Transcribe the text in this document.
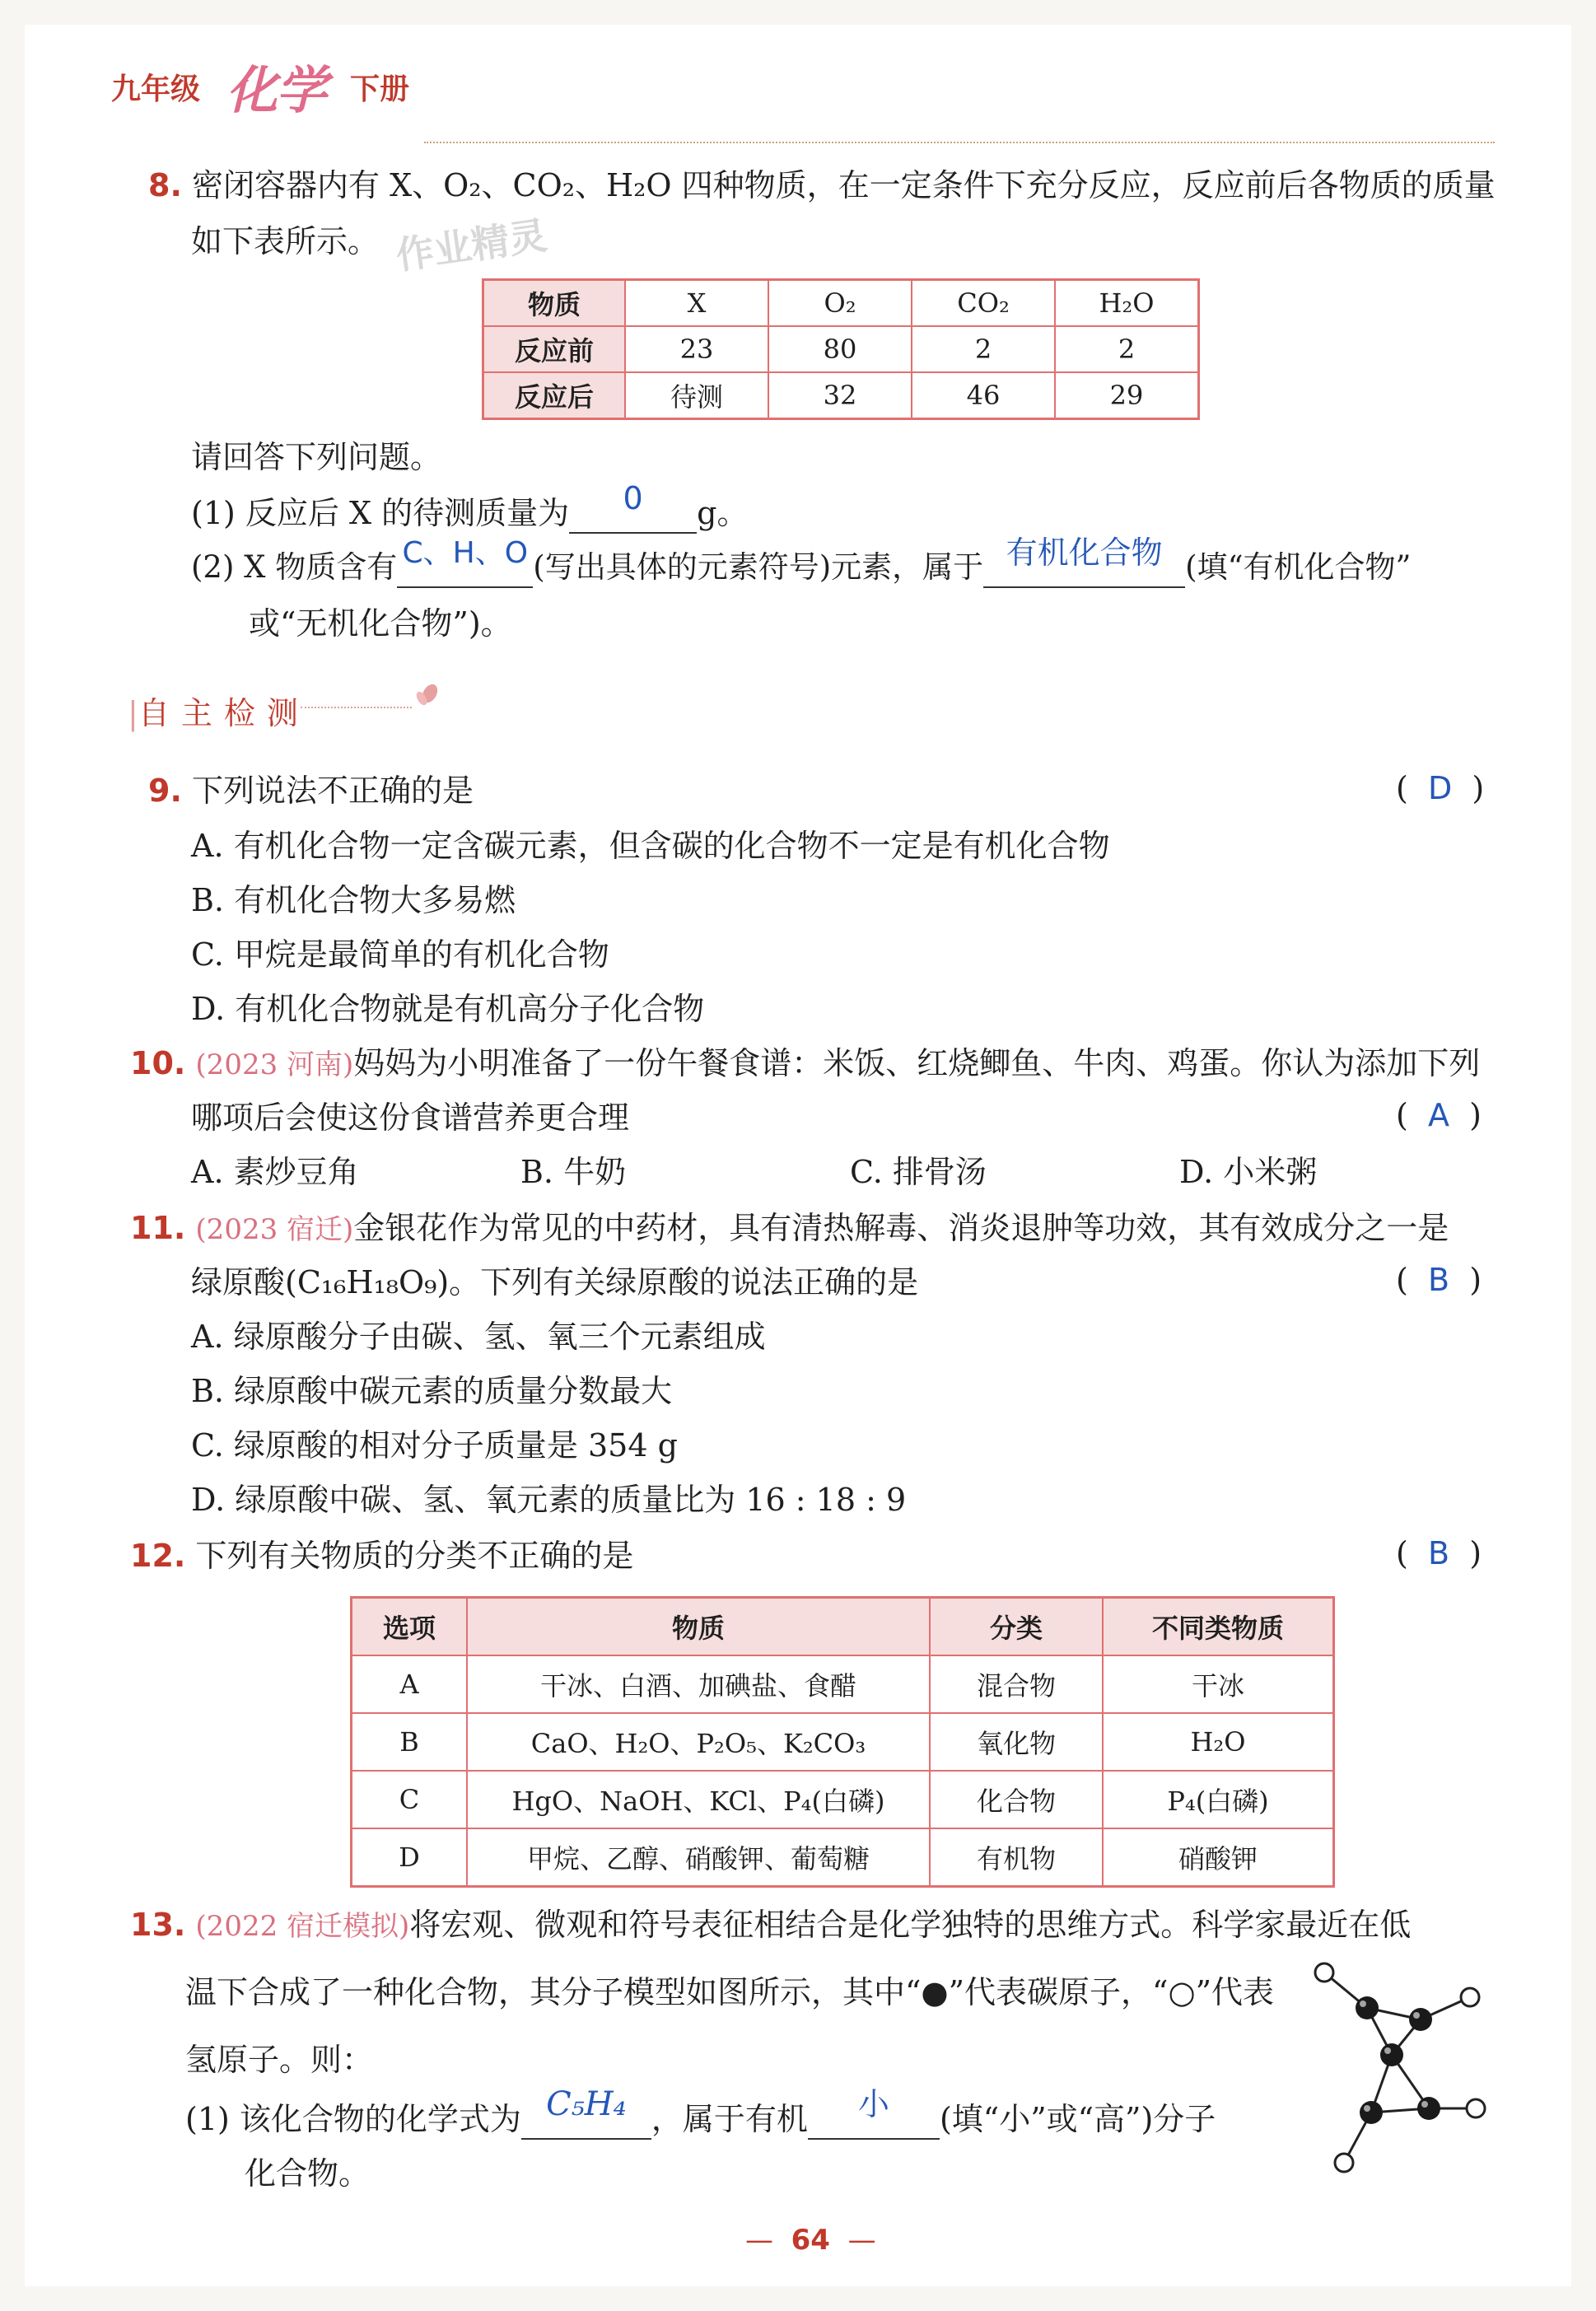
九年级 化学 下册
8. 密闭容器内有 X、O₂、CO₂、H₂O 四种物质，在一定条件下充分反应，反应前后各物质的质量
如下表所示。 作业精灵
物质	X	O₂	CO₂	H₂O
反应前	23	80	2	2
反应后	待测	32	46	29
请回答下列问题。
(1) 反应后 X 的待测质量为 0 g。
(2) X 物质含有 C、H、O (写出具体的元素符号)元素，属于 有机化合物 (填“有机化合物”
或“无机化合物”)。
|自主检测
9. 下列说法不正确的是	(  D  )
A. 有机化合物一定含碳元素，但含碳的化合物不一定是有机化合物
B. 有机化合物大多易燃
C. 甲烷是最简单的有机化合物
D. 有机化合物就是有机高分子化合物
10. (2023 河南)妈妈为小明准备了一份午餐食谱：米饭、红烧鲫鱼、牛肉、鸡蛋。你认为添加下列
哪项后会使这份食谱营养更合理	(  A  )
A. 素炒豆角	B. 牛奶	C. 排骨汤	D. 小米粥
11. (2023 宿迁)金银花作为常见的中药材，具有清热解毒、消炎退肿等功效，其有效成分之一是
绿原酸(C₁₆H₁₈O₉)。下列有关绿原酸的说法正确的是	(  B  )
A. 绿原酸分子由碳、氢、氧三个元素组成
B. 绿原酸中碳元素的质量分数最大
C. 绿原酸的相对分子质量是 354 g
D. 绿原酸中碳、氢、氧元素的质量比为 16 : 18 : 9
12. 下列有关物质的分类不正确的是	(  B  )
选项	物质	分类	不同类物质
A	干冰、白酒、加碘盐、食醋	混合物	干冰
B	CaO、H₂O、P₂O₅、K₂CO₃	氧化物	H₂O
C	HgO、NaOH、KCl、P₄(白磷)	化合物	P₄(白磷)
D	甲烷、乙醇、硝酸钾、葡萄糖	有机物	硝酸钾
13. (2022 宿迁模拟)将宏观、微观和符号表征相结合是化学独特的思维方式。科学家最近在低
温下合成了一种化合物，其分子模型如图所示，其中“●”代表碳原子，“○”代表
氢原子。则：
(1) 该化合物的化学式为 C₅H₄ ，属于有机 小 (填“小”或“高”)分子
化合物。
—  64  —
